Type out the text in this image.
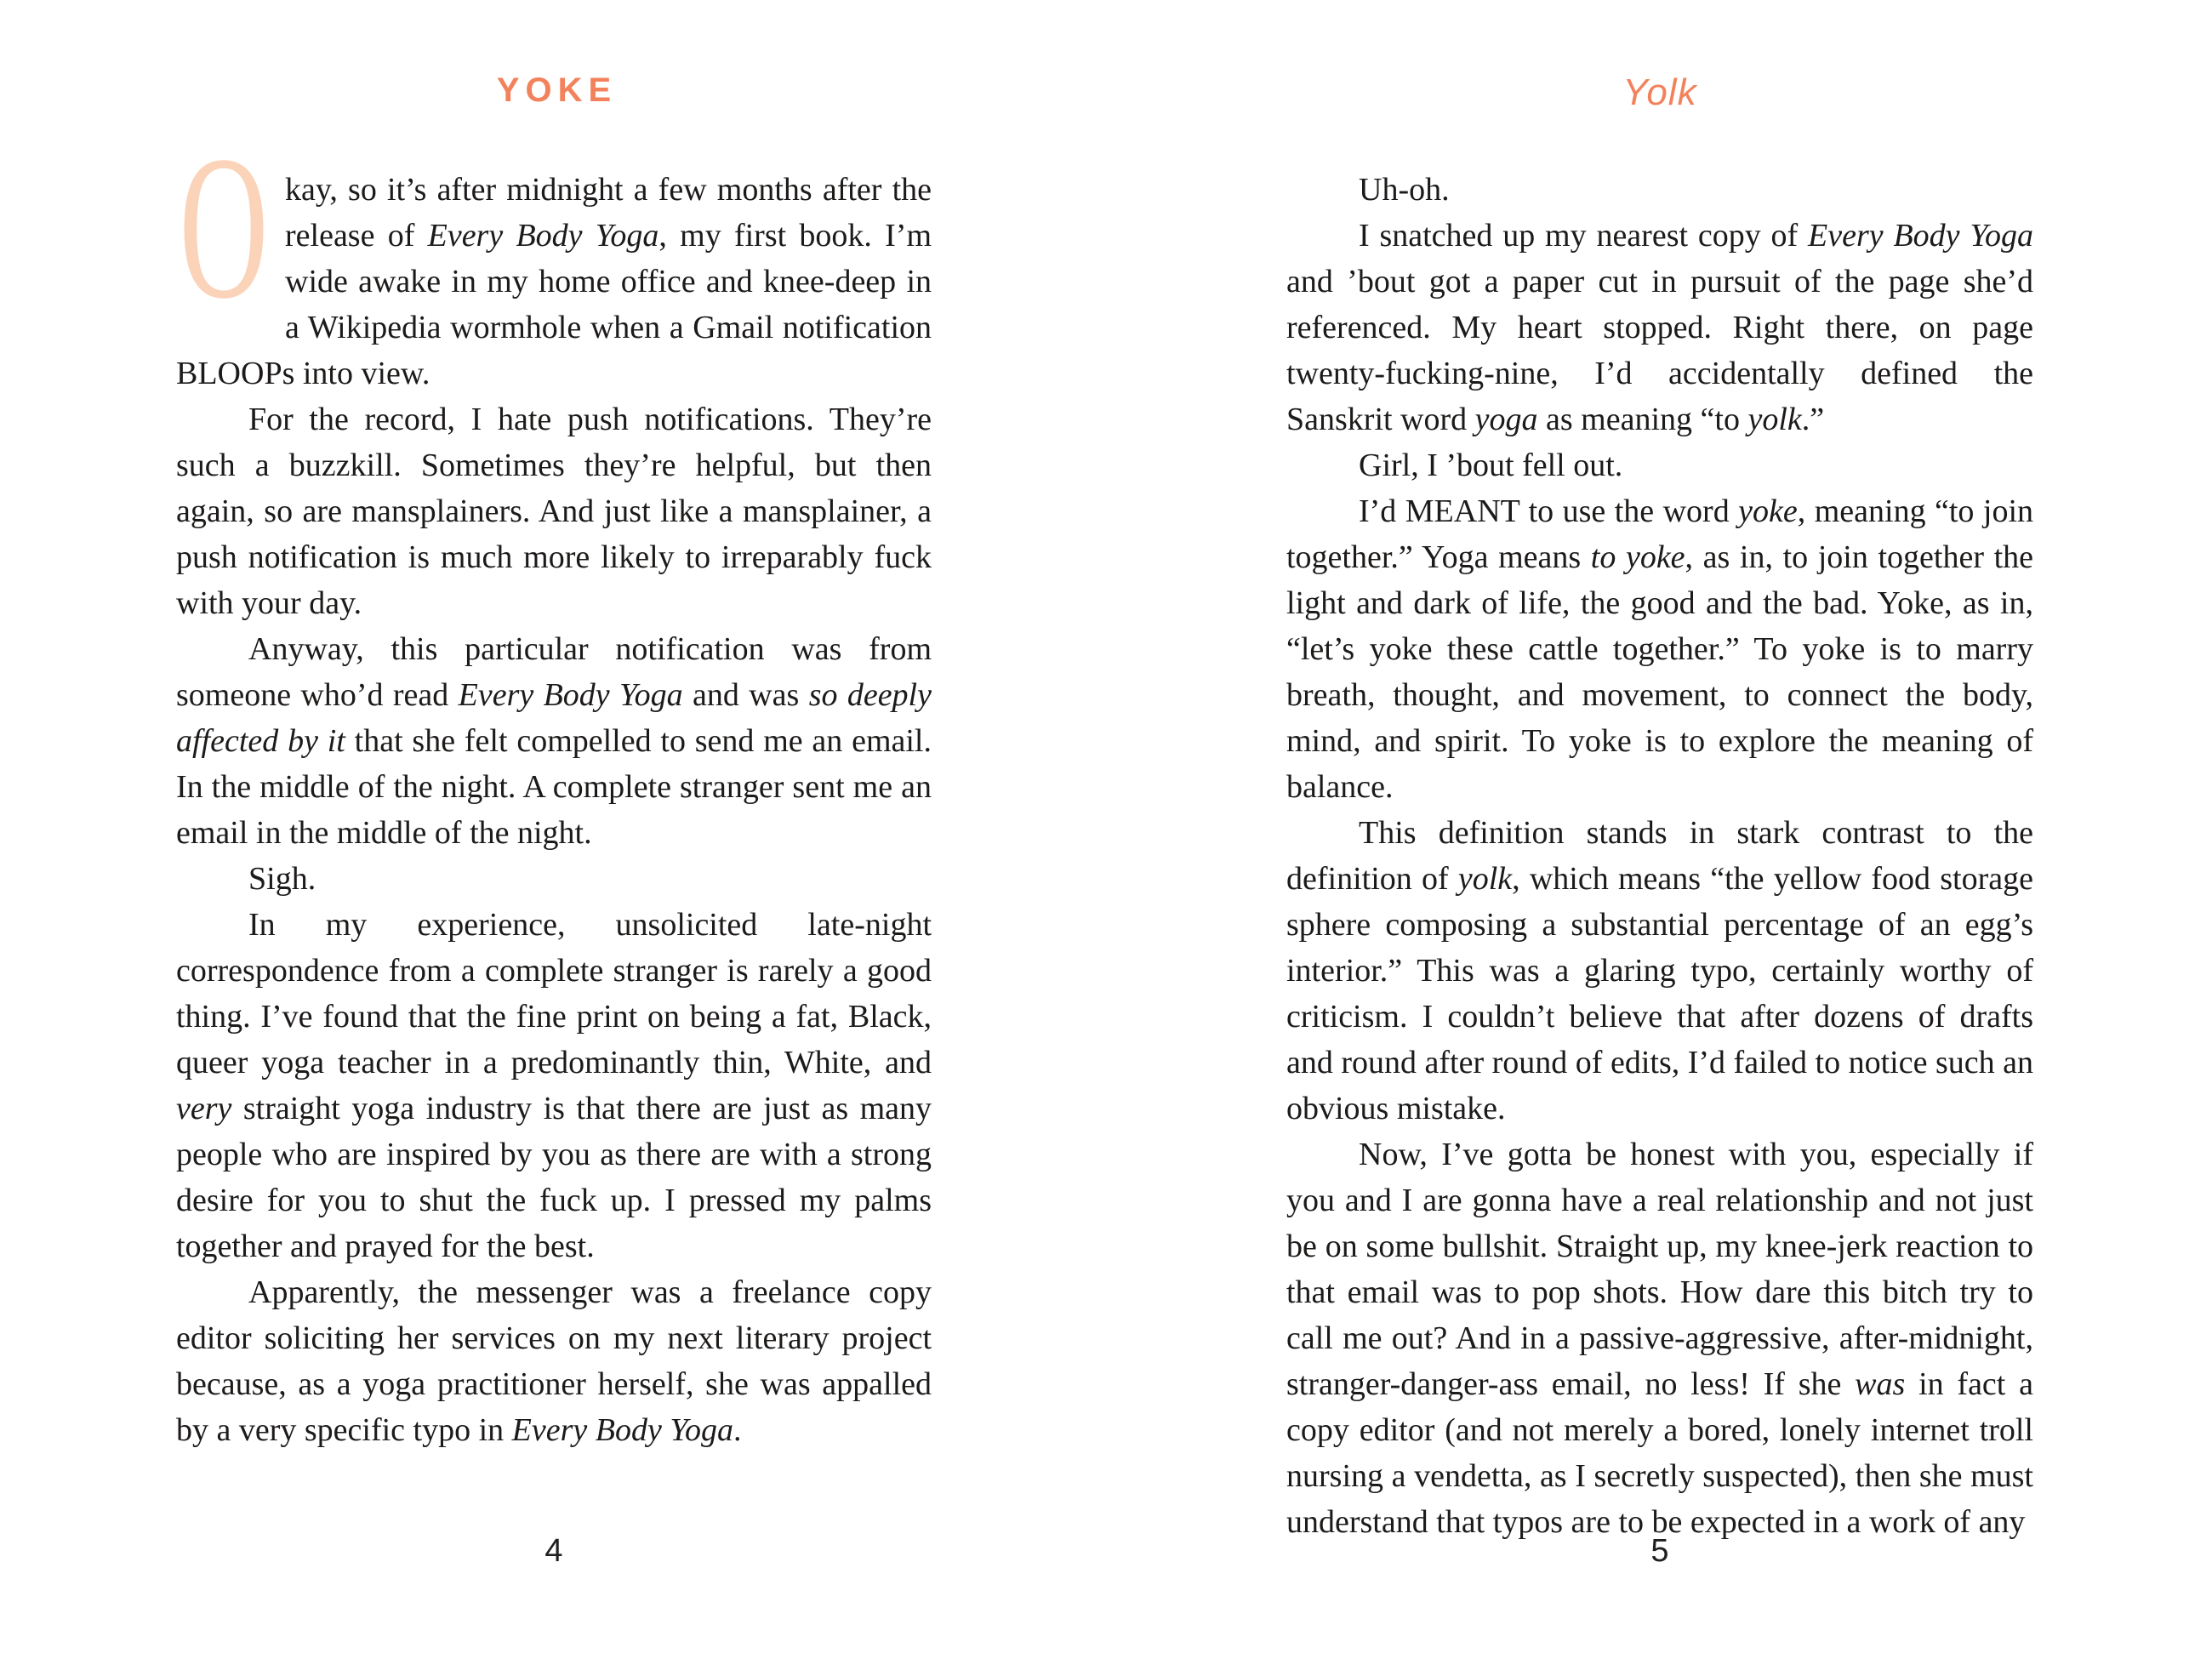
YOKE

O kay, so it’s after midnight a few months after the release of Every Body Yoga, my first book. I’m wide awake in my home office and knee-deep in a Wikipedia wormhole when a Gmail notification BLOOPs into view.

For the record, I hate push notifications. They’re such a buzzkill. Sometimes they’re helpful, but then again, so are mansplainers. And just like a mansplainer, a push notification is much more likely to irreparably fuck with your day.

Anyway, this particular notification was from someone who’d read Every Body Yoga and was so deeply affected by it that she felt compelled to send me an email. In the middle of the night. A complete stranger sent me an email in the middle of the night.

Sigh.

In my experience, unsolicited late-night correspondence from a complete stranger is rarely a good thing. I’ve found that the fine print on being a fat, Black, queer yoga teacher in a predominantly thin, White, and very straight yoga industry is that there are just as many people who are inspired by you as there are with a strong desire for you to shut the fuck up. I pressed my palms together and prayed for the best.

Apparently, the messenger was a freelance copy editor soliciting her services on my next literary project because, as a yoga practitioner herself, she was appalled by a very specific typo in Every Body Yoga.

4
Yolk

Uh-oh.

I snatched up my nearest copy of Every Body Yoga and ’bout got a paper cut in pursuit of the page she’d referenced. My heart stopped. Right there, on page twenty-fucking-nine, I’d accidentally defined the Sanskrit word yoga as meaning “to yolk.”

Girl, I ’bout fell out.

I’d MEANT to use the word yoke, meaning “to join together.” Yoga means to yoke, as in, to join together the light and dark of life, the good and the bad. Yoke, as in, “let’s yoke these cattle together.” To yoke is to marry breath, thought, and movement, to connect the body, mind, and spirit. To yoke is to explore the meaning of balance.

This definition stands in stark contrast to the definition of yolk, which means “the yellow food storage sphere composing a substantial percentage of an egg’s interior.” This was a glaring typo, certainly worthy of criticism. I couldn’t believe that after dozens of drafts and round after round of edits, I’d failed to notice such an obvious mistake.

Now, I’ve gotta be honest with you, especially if you and I are gonna have a real relationship and not just be on some bullshit. Straight up, my knee-jerk reaction to that email was to pop shots. How dare this bitch try to call me out? And in a passive-aggressive, after-midnight, stranger-danger-ass email, no less! If she was in fact a copy editor (and not merely a bored, lonely internet troll nursing a vendetta, as I secretly suspected), then she must understand that typos are to be expected in a work of any

5
